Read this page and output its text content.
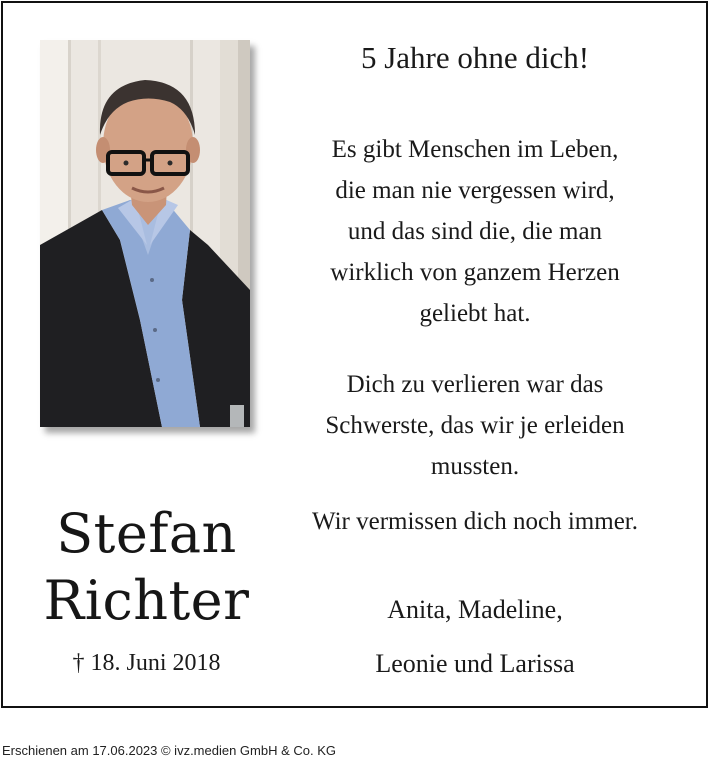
5 Jahre ohne dich!
Es gibt Menschen im Leben,
die man nie vergessen wird,
und das sind die, die man
wirklich von ganzem Herzen
geliebt hat.
Dich zu verlieren war das
Schwerste, das wir je erleiden
mussten.
Wir vermissen dich noch immer.
Stefan
Richter
† 18. Juni 2018
Anita, Madeline,
Leonie und Larissa
Erschienen am 17.06.2023 © ivz.medien GmbH & Co. KG
